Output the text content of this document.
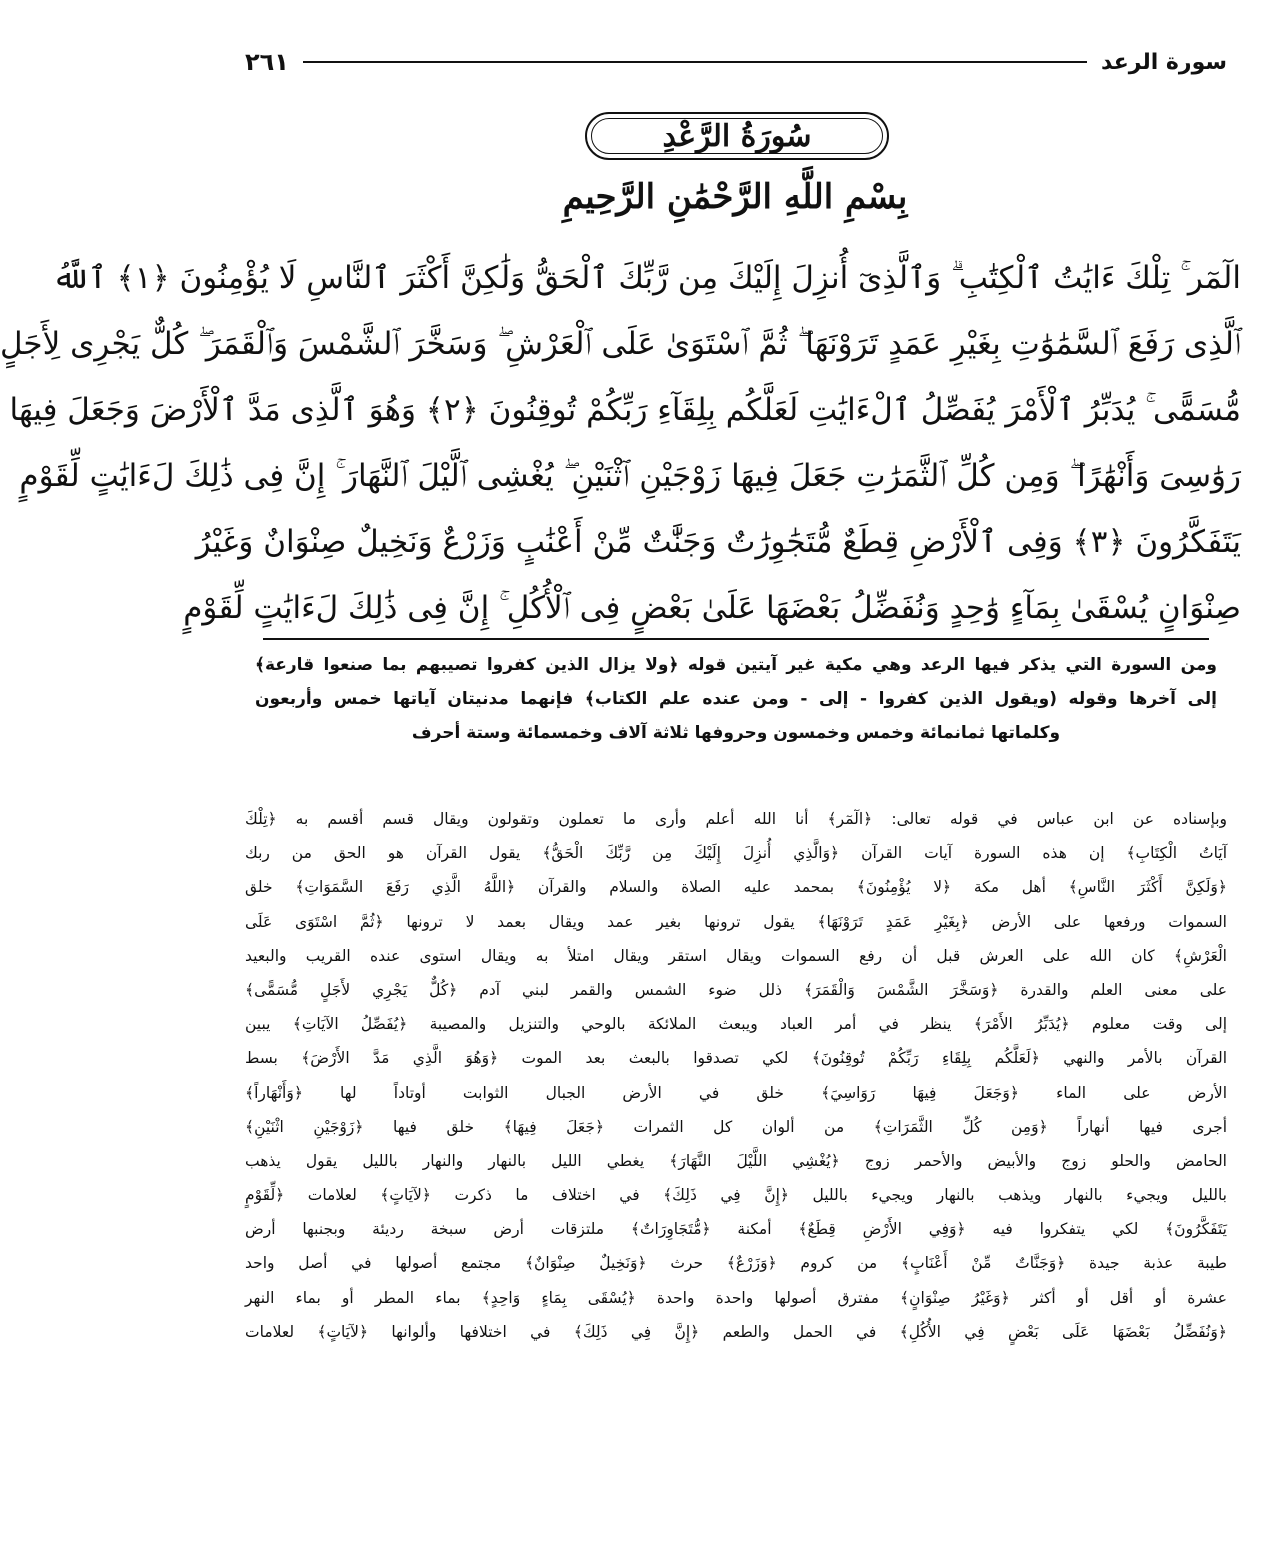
سورة الرعد
٢٦١
سُورَةُ الرَّعْدِ
بِسْمِ اللَّهِ الرَّحْمَٰنِ الرَّحِيمِ
الٓمٓر ۚ تِلْكَ ءَايَٰتُ ٱلْكِتَٰبِ ۗ وَٱلَّذِىٓ أُنزِلَ إِلَيْكَ مِن رَّبِّكَ ٱلْحَقُّ وَلَٰكِنَّ أَكْثَرَ ٱلنَّاسِ لَا يُؤْمِنُونَ ﴿١﴾ ٱللَّهُ
ٱلَّذِى رَفَعَ ٱلسَّمَٰوَٰتِ بِغَيْرِ عَمَدٍ تَرَوْنَهَا ۖ ثُمَّ ٱسْتَوَىٰ عَلَى ٱلْعَرْشِ ۖ وَسَخَّرَ ٱلشَّمْسَ وَٱلْقَمَرَ ۖ كُلٌّ يَجْرِى لِأَجَلٍ
مُّسَمًّى ۚ يُدَبِّرُ ٱلْأَمْرَ يُفَصِّلُ ٱلْءَايَٰتِ لَعَلَّكُم بِلِقَآءِ رَبِّكُمْ تُوقِنُونَ ﴿٢﴾ وَهُوَ ٱلَّذِى مَدَّ ٱلْأَرْضَ وَجَعَلَ فِيهَا
رَوَٰسِىَ وَأَنْهَٰرًا ۖ وَمِن كُلِّ ٱلثَّمَرَٰتِ جَعَلَ فِيهَا زَوْجَيْنِ ٱثْنَيْنِ ۖ يُغْشِى ٱلَّيْلَ ٱلنَّهَارَ ۚ إِنَّ فِى ذَٰلِكَ لَءَايَٰتٍ لِّقَوْمٍ
يَتَفَكَّرُونَ ﴿٣﴾ وَفِى ٱلْأَرْضِ قِطَعٌ مُّتَجَٰوِرَٰتٌ وَجَنَّٰتٌ مِّنْ أَعْنَٰبٍ وَزَرْعٌ وَنَخِيلٌ صِنْوَانٌ وَغَيْرُ
صِنْوَانٍ يُسْقَىٰ بِمَآءٍ وَٰحِدٍ وَنُفَضِّلُ بَعْضَهَا عَلَىٰ بَعْضٍ فِى ٱلْأُكُلِ ۚ إِنَّ فِى ذَٰلِكَ لَءَايَٰتٍ لِّقَوْمٍ
ومن السورة التي يذكر فيها الرعد وهي مكية غير آيتين قوله ﴿ولا يزال الذين كفروا تصيبهم بما صنعوا قارعة﴾
إلى آخرها وقوله (ويقول الذين كفروا - إلى - ومن عنده علم الكتاب﴾ فإنهما مدنيتان آياتها خمس وأربعون
وكلماتها ثمانمائة وخمس وخمسون وحروفها ثلاثة آلاف وخمسمائة وستة أحرف
وبإسناده عن ابن عباس في قوله تعالى: ﴿الٓمٓر﴾ أنا الله أعلم وأرى ما تعملون وتقولون ويقال قسم أقسم به ﴿تِلْكَ
آيَاتُ الْكِتَابِ﴾ إن هذه السورة آيات القرآن ﴿وَالَّذِي أُنزِلَ إِلَيْكَ مِن رَّبِّكَ الْحَقُّ﴾ يقول القرآن هو الحق من ربك
﴿وَلَكِنَّ أَكْثَرَ النَّاسِ﴾ أهل مكة ﴿لا يُؤْمِنُونَ﴾ بمحمد عليه الصلاة والسلام والقرآن ﴿اللَّهُ الَّذِي رَفَعَ السَّمَوَاتِ﴾ خلق
السموات ورفعها على الأرض ﴿بِغَيْرِ عَمَدٍ تَرَوْنَهَا﴾ يقول ترونها بغير عمد ويقال بعمد لا ترونها ﴿ثُمَّ اسْتَوَى عَلَى
الْعَرْشِ﴾ كان الله على العرش قبل أن رفع السموات ويقال استقر ويقال امتلأ به ويقال استوى عنده القريب والبعيد
على معنى العلم والقدرة ﴿وَسَخَّرَ الشَّمْسَ وَالْقَمَرَ﴾ ذلل ضوء الشمس والقمر لبني آدم ﴿كُلٌّ يَجْرِي لأَجَلٍ مُّسَمًّى﴾
إلى وقت معلوم ﴿يُدَبِّرُ الأَمْرَ﴾ ينظر في أمر العباد ويبعث الملائكة بالوحي والتنزيل والمصيبة ﴿يُفَصِّلُ الآيَاتِ﴾ يبين
القرآن بالأمر والنهي ﴿لَعَلَّكُم بِلِقَاءِ رَبِّكُمْ تُوقِنُونَ﴾ لكي تصدقوا بالبعث بعد الموت ﴿وَهُوَ الَّذِي مَدَّ الأَرْضَ﴾ بسط
الأرض على الماء ﴿وَجَعَلَ فِيهَا رَوَاسِيَ﴾ خلق في الأرض الجبال الثوابت أوتاداً لها ﴿وَأَنْهَاراً﴾
أجرى فيها أنهاراً ﴿وَمِن كُلِّ الثَّمَرَاتِ﴾ من ألوان كل الثمرات ﴿جَعَلَ فِيهَا﴾ خلق فيها ﴿زَوْجَيْنِ اثْنَيْنِ﴾
الحامض والحلو زوج والأبيض والأحمر زوج ﴿يُغْشِي اللَّيْلَ النَّهَارَ﴾ يغطي الليل بالنهار والنهار بالليل يقول يذهب
بالليل ويجيء بالنهار ويذهب بالنهار ويجيء بالليل ﴿إِنَّ فِي ذَلِكَ﴾ في اختلاف ما ذكرت ﴿لآيَاتٍ﴾ لعلامات ﴿لِّقَوْمٍ
يَتَفَكَّرُونَ﴾ لكي يتفكروا فيه ﴿وَفِي الأَرْضِ قِطَعٌ﴾ أمكنة ﴿مُّتَجَاوِرَاتٌ﴾ ملتزقات أرض سبخة رديئة وبجنبها أرض
طيبة عذبة جيدة ﴿وَجَنَّاتٌ مِّنْ أَعْنَابٍ﴾ من كروم ﴿وَزَرْعٌ﴾ حرث ﴿وَنَخِيلٌ صِنْوَانٌ﴾ مجتمع أصولها في أصل واحد
عشرة أو أقل أو أكثر ﴿وَغَيْرُ صِنْوَانٍ﴾ مفترق أصولها واحدة واحدة ﴿يُسْقَى بِمَاءٍ وَاحِدٍ﴾ بماء المطر أو بماء النهر
﴿وَنُفَضِّلُ بَعْضَهَا عَلَى بَعْضٍ فِي الأُكُلِ﴾ في الحمل والطعم ﴿إِنَّ فِي ذَلِكَ﴾ في اختلافها وألوانها ﴿لآيَاتٍ﴾ لعلامات
